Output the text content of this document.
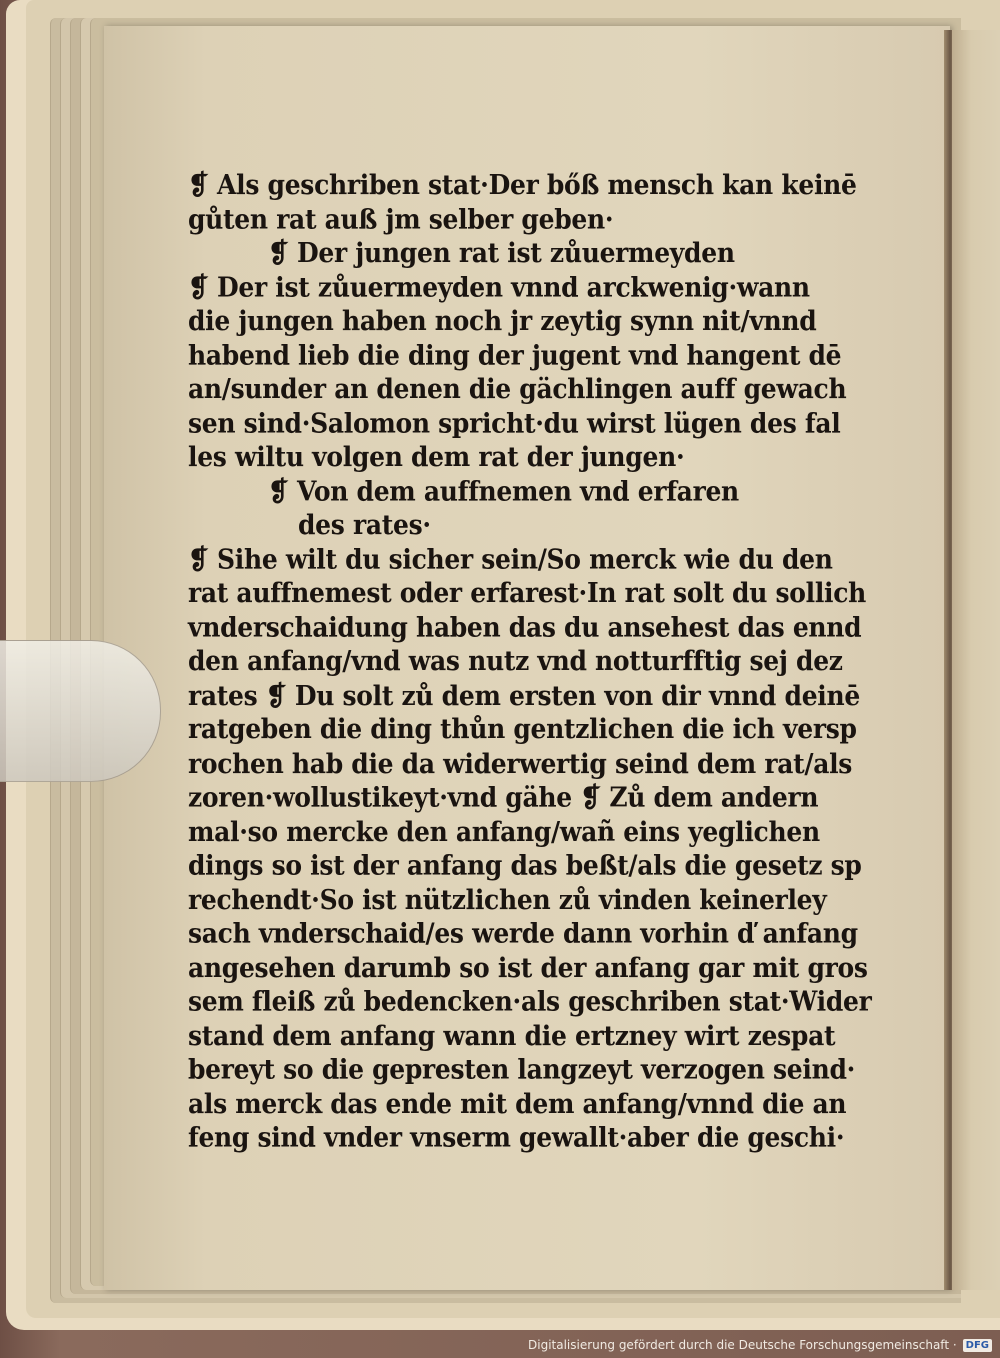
❡ Als geschriben stat·Der bőß mensch kan keinē
gůten rat auß jm selber geben·
❡ Der jungen rat ist zůuermeyden
❡ Der ist zůuermeyden vnnd arckwenig·wann
die jungen haben noch jr zeytig synn nit/vnnd
habend lieb die ding der jugent vnd hangent dē
an/sunder an denen die gächlingen auff gewach
sen sind·Salomon spricht·du wirst lügen des fal
les wiltu volgen dem rat der jungen·
❡ Von dem auffnemen vnd erfaren
des rates·
❡ Sihe wilt du sicher sein/So merck wie du den
rat auffnemest oder erfarest·In rat solt du sollich
vnderschaidung haben das du ansehest das ennd
den anfang/vnd was nutz vnd notturfftig sej dez
rates ❡ Du solt zů dem ersten von dir vnnd deinē
ratgeben die ding thůn gentzlichen die ich versp
rochen hab die da widerwertig seind dem rat/als
zoren·wollustikeyt·vnd gähe ❡ Zů dem andern
mal·so mercke den anfang/wañ eins yeglichen
dings so ist der anfang das beßt/als die gesetz sp
rechendt·So ist nützlichen zů vinden keinerley
sach vnderschaid/es werde dann vorhin ď anfang
angesehen darumb so ist der anfang gar mit gros
sem fleiß zů bedencken·als geschriben stat·Wider
stand dem anfang wann die ertzney wirt zespat
bereyt so die gepresten langzeyt verzogen seind·
als merck das ende mit dem anfang/vnnd die an
feng sind vnder vnserm gewallt·aber die geschi·
Digitalisierung gefördert durch die Deutsche Forschungsgemeinschaft · DFG
